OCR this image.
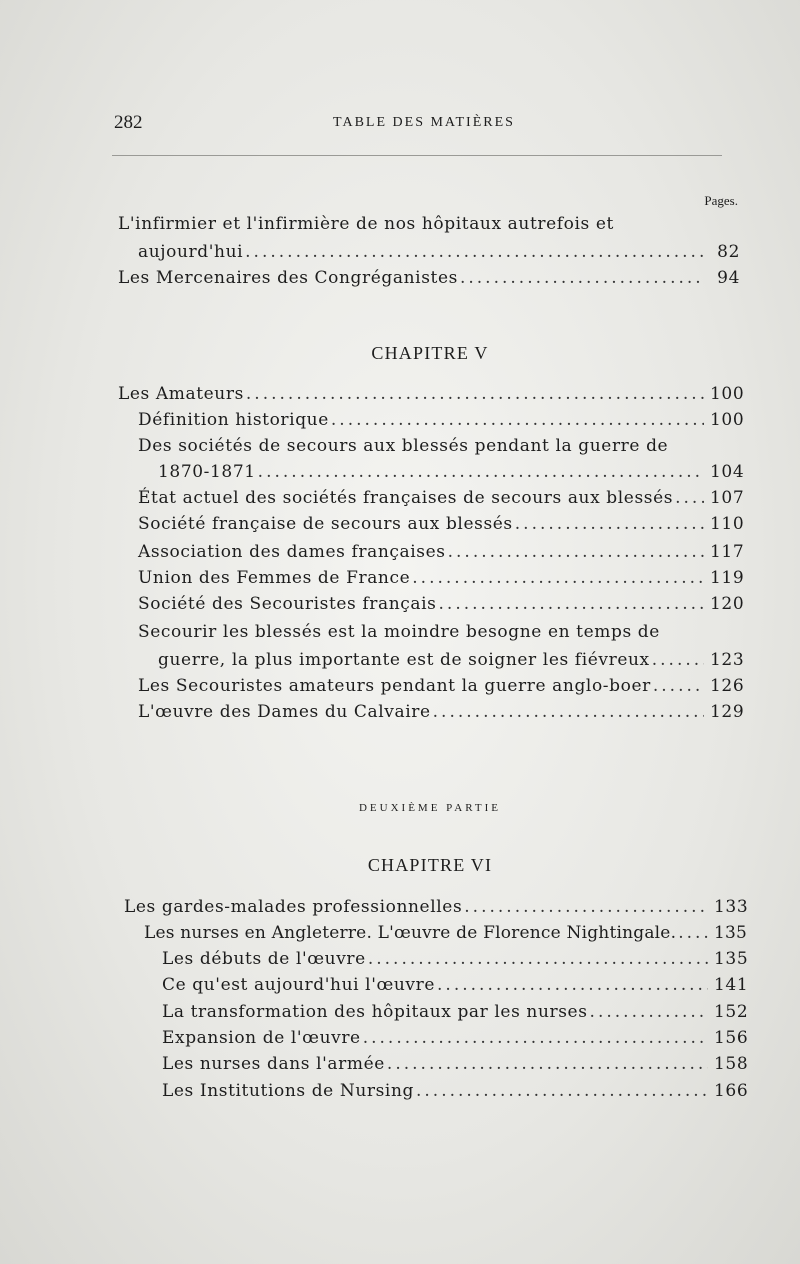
282	TABLE DES MATIÈRES
Pages.
L'infirmier et l'infirmière de nos hôpitaux autrefois et
aujourd'hui .....	82
Les Mercenaires des Congréganistes .....	94
CHAPITRE V
Les Amateurs .....	100
Définition historique .....	100
Des sociétés de secours aux blessés pendant la guerre de
1870-1871 .....	104
État actuel des sociétés françaises de secours aux blessés ..... 107
Société française de secours aux blessés .....	110
Association des dames françaises .....	117
Union des Femmes de France .....	119
Société des Secouristes français .....	120
Secourir les blessés est la moindre besogne en temps de
guerre, la plus importante est de soigner les fiévreux .....	123
Les Secouristes amateurs pendant la guerre anglo-boer .....	126
L'œuvre des Dames du Calvaire .....	129
DEUXIÈME PARTIE
CHAPITRE VI
Les gardes-malades professionnelles .....	133
Les nurses en Angleterre. L'œuvre de Florence Nightingale. ..... 135
Les débuts de l'œuvre .....	135
Ce qu'est aujourd'hui l'œuvre .....	141
La transformation des hôpitaux par les nurses .....	152
Expansion de l'œuvre .....	156
Les nurses dans l'armée .....	158
Les Institutions de Nursing .....	166
